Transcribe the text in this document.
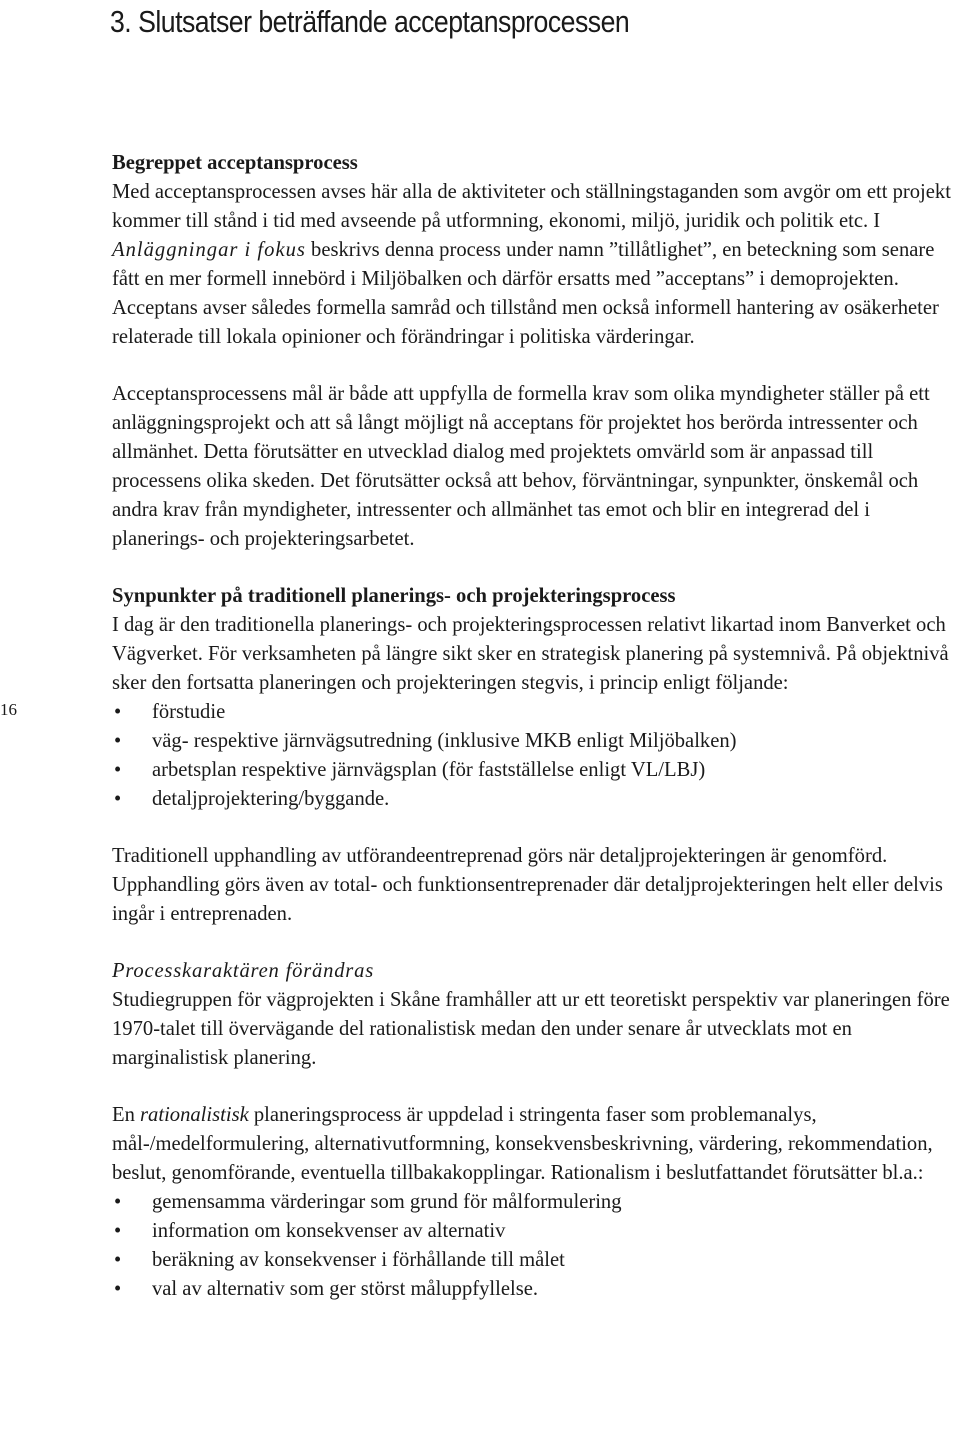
3. Slutsatser beträffande acceptansprocessen
16

Begreppet acceptansprocess
Med acceptansprocessen avses här alla de aktiviteter och ställningstaganden som avgör om ett projekt kommer till stånd i tid med avseende på utformning, ekonomi, miljö, juridik och politik etc. I Anläggningar i fokus beskrivs denna process under namn ”tillåtlighet”, en beteckning som senare fått en mer formell innebörd i Miljöbalken och därför ersatts med ”acceptans” i demoprojekten. Acceptans avser således formella samråd och tillstånd men också informell hantering av osäkerheter relaterade till lokala opinioner och förändringar i politiska värderingar.

Acceptansprocessens mål är både att uppfylla de formella krav som olika myndigheter ställer på ett anläggningsprojekt och att så långt möjligt nå acceptans för projektet hos berörda intressenter och allmänhet. Detta förutsätter en utvecklad dialog med projektets omvärld som är anpassad till processens olika skeden. Det förutsätter också att behov, förväntningar, synpunkter, önskemål och andra krav från myndigheter, intressenter och allmänhet tas emot och blir en integrerad del i planerings- och projekteringsarbetet.

Synpunkter på traditionell planerings- och projekteringsprocess
I dag är den traditionella planerings- och projekteringsprocessen relativt likartad inom Banverket och Vägverket. För verksamheten på längre sikt sker en strategisk planering på systemnivå. På objektnivå sker den fortsatta planeringen och projekteringen stegvis, i princip enligt följande:

• förstudie
• väg- respektive järnvägsutredning (inklusive MKB enligt Miljöbalken)
• arbetsplan respektive järnvägsplan (för fastställelse enligt VL/LBJ)
• detaljprojektering/byggande.

Traditionell upphandling av utförandeentreprenad görs när detaljprojekteringen är genomförd. Upphandling görs även av total- och funktionsentreprenader där detaljprojekteringen helt eller delvis ingår i entreprenaden.

Processkaraktären förändras
Studiegruppen för vägprojekten i Skåne framhåller att ur ett teoretiskt perspektiv var planeringen före 1970-talet till övervägande del rationalistisk medan den under senare år utvecklats mot en marginalistisk planering.

En rationalistisk planeringsprocess är uppdelad i stringenta faser som problemanalys, mål-/medelformulering, alternativutformning, konsekvensbeskrivning, värdering, rekommendation, beslut, genomförande, eventuella tillbakakopplingar. Rationalism i beslutfattandet förutsätter bl.a.:

• gemensamma värderingar som grund för målformulering
• information om konsekvenser av alternativ
• beräkning av konsekvenser i förhållande till målet
• val av alternativ som ger störst måluppfyllelse.
